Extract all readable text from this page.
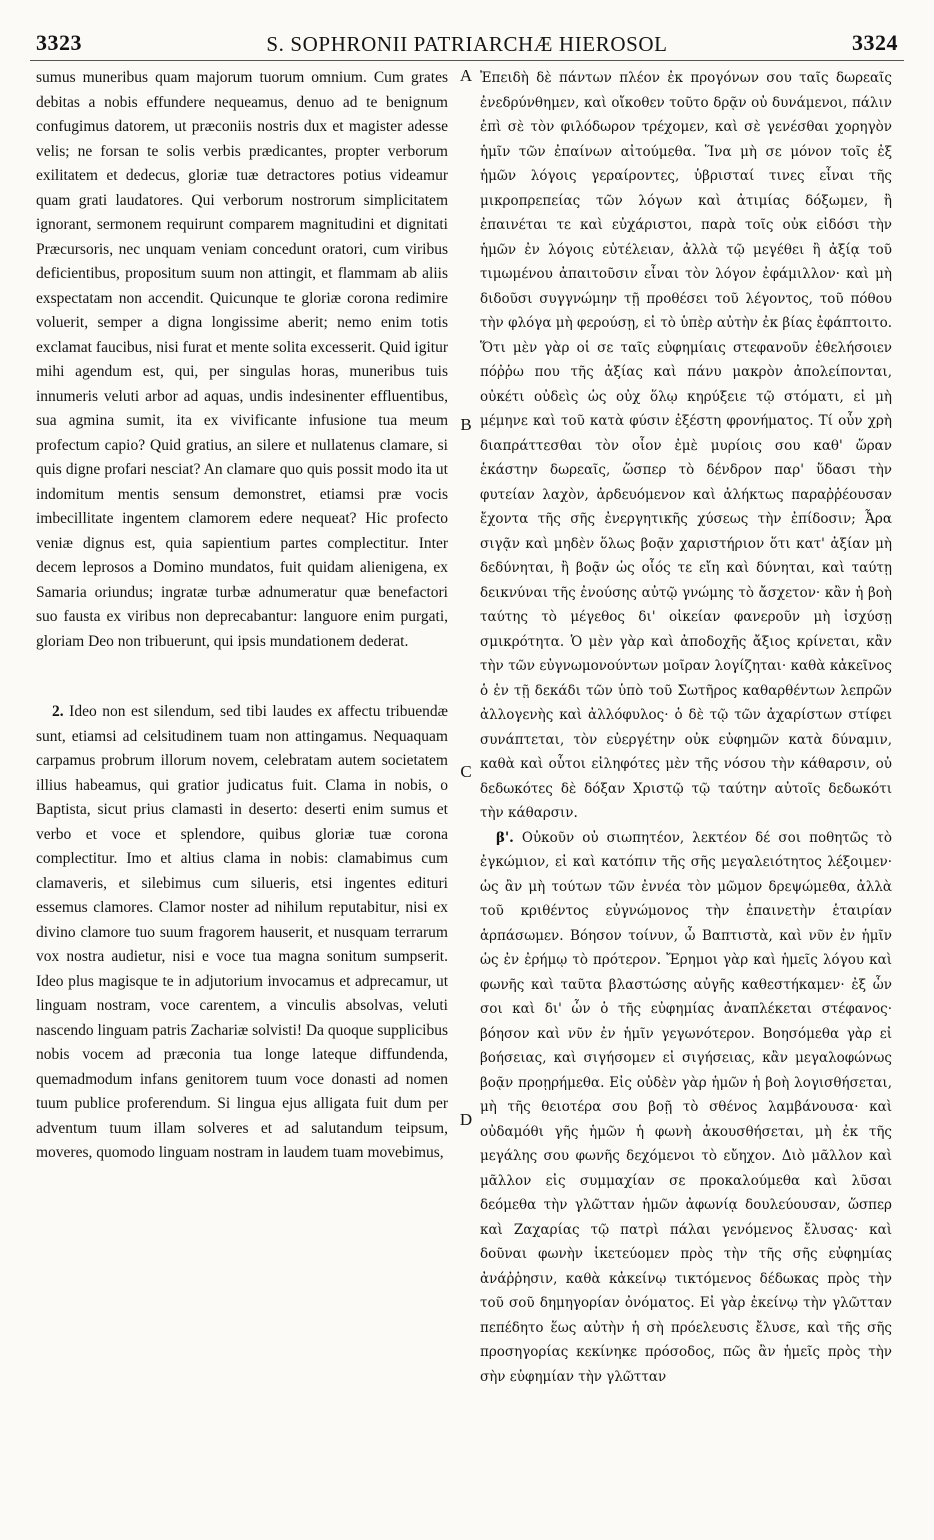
3323	S. SOPHRONII PATRIARCHÆ HIEROSOL	3324

sumus muneribus quam majorum tuorum omnium. Cum grates debitas a nobis effundere nequeamus, denuo ad te benignum confugimus datorem, ut præconiis nostris dux et magister adesse velis; ne forsan te solis verbis prædicantes, propter verborum exilitatem et dedecus, gloriæ tuæ detractores potius videamur quam grati laudatores. Qui verborum nostrorum simplicitatem ignorant, sermonem requirunt comparem magnitudini et dignitati Præcursoris, nec unquam veniam concedunt oratori, cum viribus deficientibus, propositum suum non attingit, et flammam ab aliis exspectatam non accendit. Quicunque te gloriæ corona redimire voluerit, semper a digna longissime aberit; nemo enim totis exclamat faucibus, nisi furat et mente solita excesserit. Quid igitur mihi agendum est, qui, per singulas horas, muneribus tuis innumeris veluti arbor ad aquas, undis indesinenter effluentibus, sua agmina sumit, ita ex vivificante infusione tua meum profectum capio? Quid gratius, an silere et nullatenus clamare, si quis digne profari nesciat? An clamare quo quis possit modo ita ut indomitum mentis sensum demonstret, etiamsi præ vocis imbecillitate ingentem clamorem edere nequeat? Hic profecto veniæ dignus est, quia sapientium partes complectitur. Inter decem leprosos a Domino mundatos, fuit quidam alienigena, ex Samaria oriundus; ingratæ turbæ adnumeratur quæ benefactori suo fausta ex viribus non deprecabantur: languore enim purgati, gloriam Deo non tribuerunt, qui ipsis mundationem dederat.

2. Ideo non est silendum, sed tibi laudes ex affectu tribuendæ sunt, etiamsi ad celsitudinem tuam non attingamus. Nequaquam carpamus probrum illorum novem, celebratam autem societatem illius habeamus, qui gratior judicatus fuit. Clama in nobis, o Baptista, sicut prius clamasti in deserto: deserti enim sumus et verbo et voce et splendore, quibus gloriæ tuæ corona complectitur. Imo et altius clama in nobis: clamabimus cum clamaveris, et silebimus cum silueris, etsi ingentes edituri essemus clamores. Clamor noster ad nihilum reputabitur, nisi ex divino clamore tuo suum fragorem hauserit, et nusquam terrarum vox nostra audietur, nisi e voce tua magna sonitum sumpserit. Ideo plus magisque te in adjutorium invocamus et adprecamur, ut linguam nostram, voce carentem, a vinculis absolvas, veluti nascendo linguam patris Zachariæ solvisti! Da quoque supplicibus nobis vocem ad præconia tua longe lateque diffundenda, quemadmodum infans genitorem tuum voce donasti ad nomen tuum publice proferendum. Si lingua ejus alligata fuit dum per adventum tuum illam solveres et ad salutandum teipsum, moveres, quomodo linguam nostram in laudem tuam movebimus,

Ἐπειδὴ δὲ πάντων πλέον ἐκ προγόνων σου ταῖς δωρεαῖς ἐνεδρύνθημεν, καὶ οἴκοθεν τοῦτο δρᾷν οὐ δυνάμενοι, πάλιν ἐπὶ σὲ τὸν φιλόδωρον τρέχομεν, καὶ σὲ γενέσθαι χορηγὸν ἡμῖν τῶν ἐπαίνων αἰτούμεθα. Ἵνα μὴ σε μόνον τοῖς ἐξ ἡμῶν λόγοις γεραίροντες, ὑβρισταί τινες εἶναι τῆς μικροπρεπείας τῶν λόγων καὶ ἀτιμίας δόξωμεν, ἢ ἐπαινέται τε καὶ εὐχάριστοι, παρὰ τοῖς οὐκ εἰδόσι τὴν ἡμῶν ἐν λόγοις εὐτέλειαν, ἀλλὰ τῷ μεγέθει ἢ ἀξίᾳ τοῦ τιμωμένου ἀπαιτοῦσιν εἶναι τὸν λόγον ἐφάμιλλον· καὶ μὴ διδοῦσι συγγνώμην τῇ προθέσει τοῦ λέγοντος, τοῦ πόθου τὴν φλόγα μὴ φερούσῃ, εἰ τὸ ὑπὲρ αὐτὴν ἐκ βίας ἐφάπτοιτο. Ὅτι μὲν γὰρ οἱ σε ταῖς εὐφημίαις στεφανοῦν ἐθελήσοιεν πόῤῥω που τῆς ἀξίας καὶ πάνυ μακρὸν ἀπολείπονται, οὐκέτι οὐδεὶς ὡς οὐχ ὅλῳ κηρύξειε τῷ στόματι, εἰ μὴ μέμηνε καὶ τοῦ κατὰ φύσιν ἐξέστη φρονήματος. Τί οὖν χρὴ διαπράττεσθαι τὸν οἷον ἐμὲ μυρίοις σου καθ' ὥραν ἑκάστην δωρεαῖς, ὥσπερ τὸ δένδρον παρ' ὕδασι τὴν φυτείαν λαχὸν, ἀρδευόμενον καὶ ἀλήκτως παραῤῥέουσαν ἔχοντα τῆς σῆς ἐνεργητικῆς χύσεως τὴν ἐπίδοσιν; Ἆρα σιγᾷν καὶ μηδὲν ὅλως βοᾷν χαριστήριον ὅτι κατ' ἀξίαν μὴ δεδύνηται, ἢ βοᾷν ὡς οἷός τε εἴη καὶ δύνηται, καὶ ταύτῃ δεικνύναι τῆς ἐνούσης αὐτῷ γνώμης τὸ ἄσχετον· κἂν ἡ βοὴ ταύτης τὸ μέγεθος δι' οἰκείαν φανεροῦν μὴ ἰσχύσῃ σμικρότητα. Ὁ μὲν γὰρ καὶ ἀποδοχῆς ἄξιος κρίνεται, κἂν τὴν τῶν εὐγνωμονούντων μοῖραν λογίζηται· καθὰ κἀκεῖνος ὁ ἐν τῇ δεκάδι τῶν ὑπὸ τοῦ Σωτῆρος καθαρθέντων λεπρῶν ἀλλογενὴς καὶ ἀλλόφυλος· ὁ δὲ τῷ τῶν ἀχαρίστων στίφει συνάπτεται, τὸν εὐεργέτην οὐκ εὐφημῶν κατὰ δύναμιν, καθὰ καὶ οὗτοι εἰληφότες μὲν τῆς νόσου τὴν κάθαρσιν, οὐ δεδωκότες δὲ δόξαν Χριστῷ τῷ ταύτην αὐτοῖς δεδωκότι τὴν κάθαρσιν.

β'. Οὐκοῦν οὐ σιωπητέον, λεκτέον δέ σοι ποθητῶς τὸ ἐγκώμιον, εἰ καὶ κατόπιν τῆς σῆς μεγαλειότητος λέξοιμεν· ὡς ἂν μὴ τούτων τῶν ἐννέα τὸν μῶμον δρεψώμεθα, ἀλλὰ τοῦ κριθέντος εὐγνώμονος τὴν ἐπαινετὴν ἑταιρίαν ἁρπάσωμεν. Βόησον τοίνυν, ὦ Βαπτιστὰ, καὶ νῦν ἐν ἡμῖν ὡς ἐν ἐρήμῳ τὸ πρότερον. Ἔρημοι γὰρ καὶ ἡμεῖς λόγου καὶ φωνῆς καὶ ταῦτα βλαστώσης αὐγῆς καθεστήκαμεν· ἐξ ὧν σοι καὶ δι' ὧν ὁ τῆς εὐφημίας ἀναπλέκεται στέφανος· βόησον καὶ νῦν ἐν ἡμῖν γεγωνότερον. Βοησόμεθα γὰρ εἰ βοήσειας, καὶ σιγήσομεν εἰ σιγήσειας, κἂν μεγαλοφώνως βοᾷν προῃρήμεθα. Εἰς οὐδὲν γὰρ ἡμῶν ἡ βοὴ λογισθήσεται, μὴ τῆς θειοτέρα σου βοῇ τὸ σθένος λαμβάνουσα· καὶ οὐδαμόθι γῆς ἡμῶν ἡ φωνὴ ἀκουσθήσεται, μὴ ἐκ τῆς μεγάλης σου φωνῆς δεχόμενοι τὸ εὔηχον. Διὸ μᾶλλον καὶ μᾶλλον εἰς συμμαχίαν σε προκαλούμεθα καὶ λῦσαι δεόμεθα τὴν γλῶτταν ἡμῶν ἀφωνίᾳ δουλεύουσαν, ὥσπερ καὶ Ζαχαρίας τῷ πατρὶ πάλαι γενόμενος ἔλυσας· καὶ δοῦναι φωνὴν ἱκετεύομεν πρὸς τὴν τῆς σῆς εὐφημίας ἀνάῤῥησιν, καθὰ κἀκείνῳ τικτόμενος δέδωκας πρὸς τὴν τοῦ σοῦ δημηγορίαν ὀνόματος. Εἰ γὰρ ἐκείνῳ τὴν γλῶτταν πεπέδητο ἕως αὐτὴν ἡ σὴ πρόελευσις ἔλυσε, καὶ τῆς σῆς προσηγορίας κεκίνηκε πρόσοδος, πῶς ἂν ἡμεῖς πρὸς τὴν σὴν εὐφημίαν τὴν γλῶτταν

A
B
C
D
